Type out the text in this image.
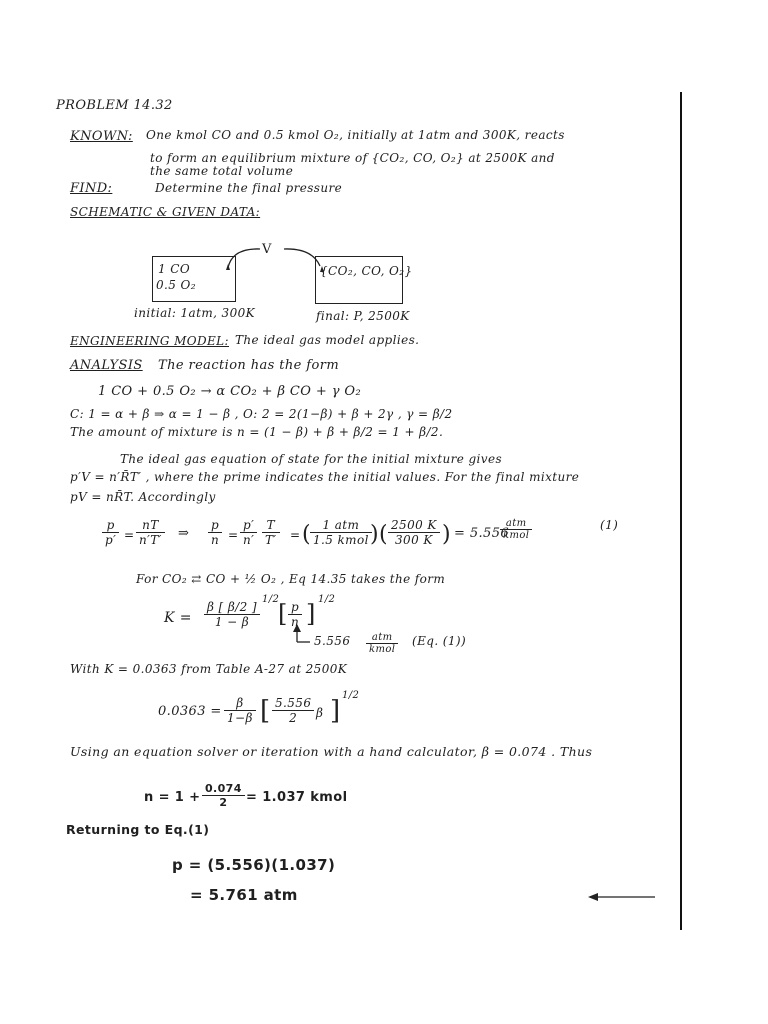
PROBLEM 14.32
KNOWN: One kmol CO and 0.5 kmol O₂, initially at 1atm and 300K, reacts
to form an equilibrium mixture of {CO₂, CO, O₂} at 2500K and
the same total volume
FIND:	Determine the final pressure
SCHEMATIC & GIVEN DATA:
V
1 CO
0.5 O₂
initial: 1atm, 300K
{CO₂, CO, O₂}
final: P, 2500K
ENGINEERING MODEL: The ideal gas model applies.
ANALYSIS The reaction has the form
1 CO + 0.5 O₂ → α CO₂ + β CO + γ O₂
C: 1 = α + β ⇒ α = 1 − β , O: 2 = 2(1−β) + β + 2γ , γ = β/2
The amount of mixture is n = (1 − β) + β + β/2 = 1 + β/2.
The ideal gas equation of state for the initial mixture gives
p′V = n′R̄T′ , where the prime indicates the initial values. For the final mixture
pV = nR̄T. Accordingly
$\frac{p}{p'} = \frac{nT}{n'T'}$ ⇒ $\frac{p}{n} = \frac{p'}{n'} \frac{T}{T'}$ = ( 1 atm
1.5 kmol )( $\frac{2500 K}{300 K}$ ) = 5.556
atm
kmol
(1)
For CO₂ ⇄ CO + ½ O₂ , Eq 14.35 takes the form
$K = \frac{\beta [ \beta/2 ]}{1 - \beta}$
1/2
[ $\frac{p}{n}$ ]
1/2
5.556	atm
kmol
(Eq. (1))
With K = 0.0363 from Table A-27 at 2500K
$0.0363 = \frac{\beta}{1-\beta}$ [ $\frac{5.556}{2}$ β ]
1/2
Using an equation solver or iteration with a hand calculator, β = 0.074 . Thus
$n = 1 + \frac{0.074}{2} = 1.037$ kmol
Returning to Eq.(1)
p = (5.556)(1.037)
= 5.761 atm
